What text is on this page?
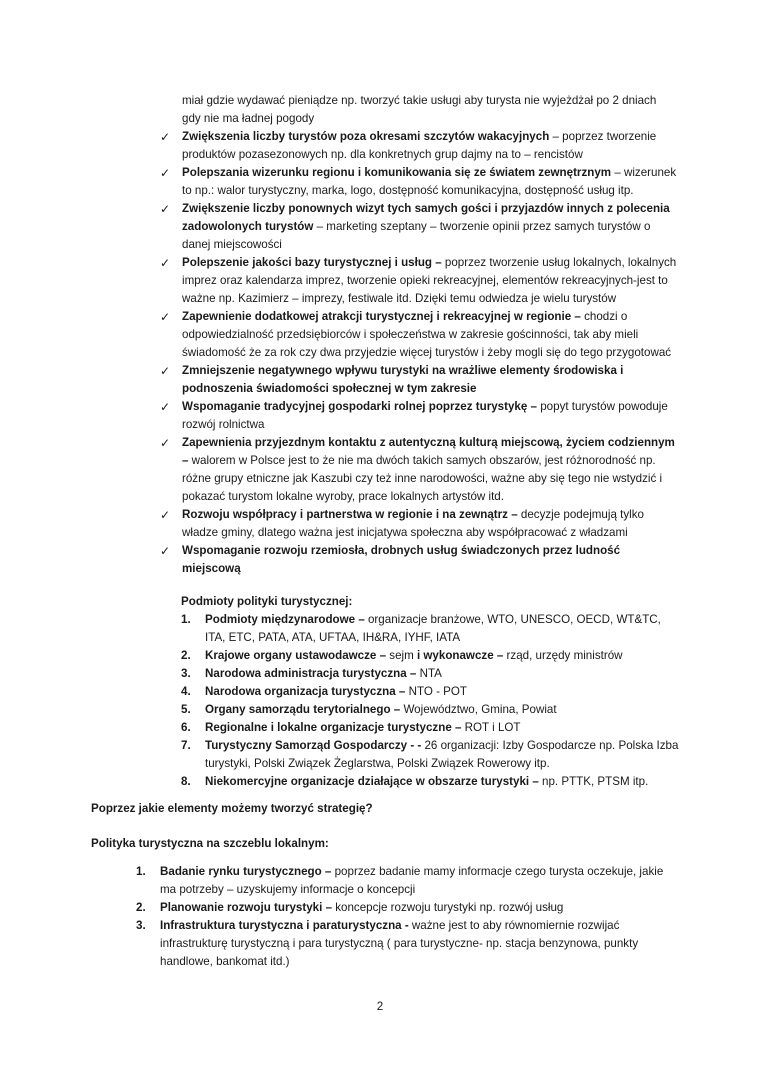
miał gdzie wydawać pieniądze np. tworzyć takie usługi aby turysta nie wyjeżdżał po 2 dniach
gdy nie ma ładnej pogody

✓ Zwiększenia liczby turystów poza okresami szczytów wakacyjnych – poprzez tworzenie produktów pozasezonowych np. dla konkretnych grup dajmy na to – rencistów
✓ Polepszania wizerunku regionu i komunikowania się ze światem zewnętrznym – wizerunek to np.: walor turystyczny, marka, logo, dostępność komunikacyjna, dostępność usług itp.
✓ Zwiększenie liczby ponownych wizyt tych samych gości i przyjazdów innych z polecenia zadowolonych turystów – marketing szeptany – tworzenie opinii przez samych turystów o danej miejscowości
✓ Polepszenie jakości bazy turystycznej i usług – poprzez tworzenie usług lokalnych, lokalnych imprez oraz kalendarza imprez, tworzenie opieki rekreacyjnej, elementów rekreacyjnych-jest to ważne np. Kazimierz – imprezy, festiwale itd. Dzięki temu odwiedza je wielu turystów
✓ Zapewnienie dodatkowej atrakcji turystycznej i rekreacyjnej w regionie – chodzi o odpowiedzialność przedsiębiorców i społeczeństwa w zakresie gościnności, tak aby mieli świadomość że za rok czy dwa przyjedzie więcej turystów i żeby mogli się do tego przygotować
✓ Zmniejszenie negatywnego wpływu turystyki na wrażliwe elementy środowiska i podnoszenia świadomości społecznej w tym zakresie
✓ Wspomaganie tradycyjnej gospodarki rolnej poprzez turystykę – popyt turystów powoduje rozwój rolnictwa
✓ Zapewnienia przyjezdnym kontaktu z autentyczną kulturą miejscową, życiem codziennym – walorem w Polsce jest to że nie ma dwóch takich samych obszarów, jest różnorodność np. różne grupy etniczne jak Kaszubi czy też inne narodowości, ważne aby się tego nie wstydzić i pokazać turystom lokalne wyroby, prace lokalnych artystów itd.
✓ Rozwoju współpracy i partnerstwa w regionie i na zewnątrz – decyzje podejmują tylko władze gminy, dlatego ważna jest inicjatywa społeczna aby współpracować z władzami
✓ Wspomaganie rozwoju rzemiosła, drobnych usług świadczonych przez ludność miejscową

Podmioty polityki turystycznej:

1. Podmioty międzynarodowe – organizacje branżowe, WTO, UNESCO, OECD, WT&TC, ITA, ETC, PATA, ATA, UFTAA, IH&RA, IYHF, IATA
2. Krajowe organy ustawodawcze – sejm i wykonawcze – rząd, urzędy ministrów
3. Narodowa administracja turystyczna – NTA
4. Narodowa organizacja turystyczna – NTO - POT
5. Organy samorządu terytorialnego – Województwo, Gmina, Powiat
6. Regionalne i lokalne organizacje turystyczne – ROT i LOT
7. Turystyczny Samorząd Gospodarczy - - 26 organizacji: Izby Gospodarcze np. Polska Izba turystyki, Polski Związek Żeglarstwa, Polski Związek Rowerowy itp.
8. Niekomercyjne organizacje działające w obszarze turystyki – np. PTTK, PTSM itp.

Poprzez jakie elementy możemy tworzyć strategię?

Polityka turystyczna na szczeblu lokalnym:

1. Badanie rynku turystycznego – poprzez badanie mamy informacje czego turysta oczekuje, jakie ma potrzeby – uzyskujemy informacje o koncepcji
2. Planowanie rozwoju turystyki – koncepcje rozwoju turystyki np. rozwój usług
3. Infrastruktura turystyczna i paraturystyczna - ważne jest to aby równomiernie rozwijać infrastrukturę turystyczną i para turystyczną ( para turystyczne- np. stacja benzynowa, punkty handlowe, bankomat itd.)
2
